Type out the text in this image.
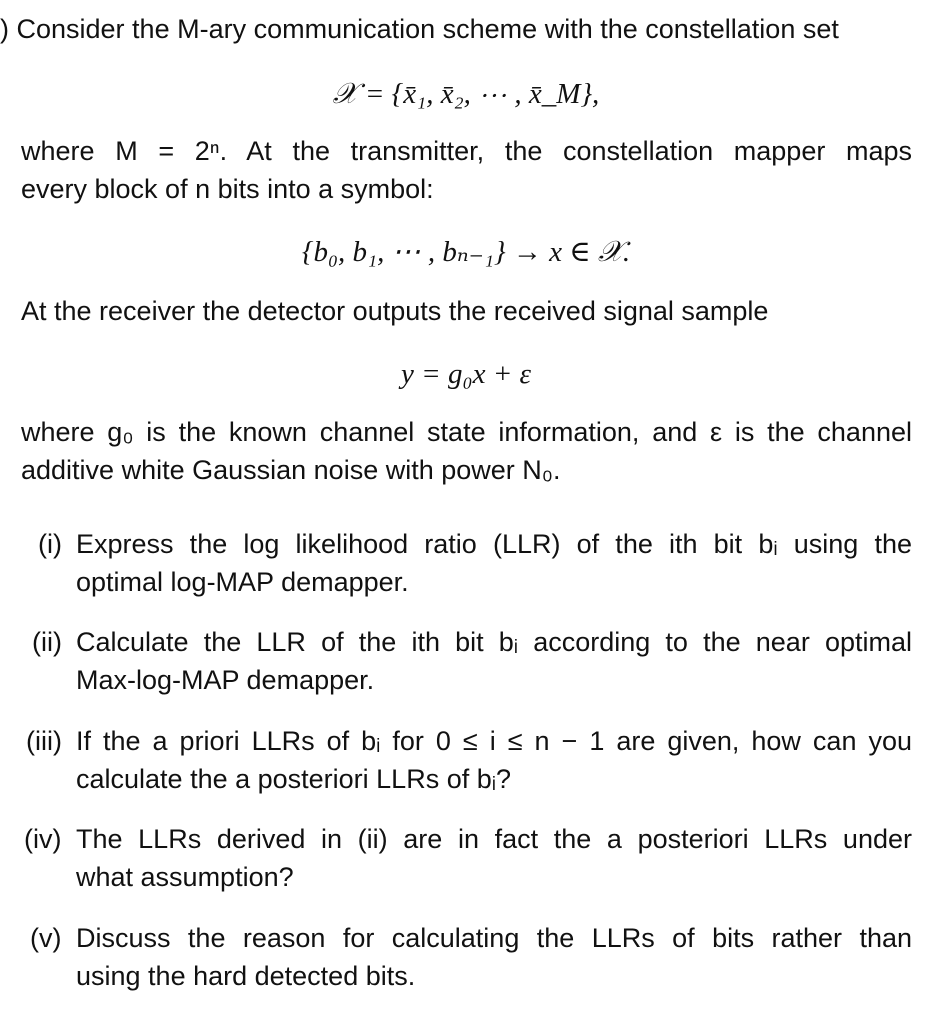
) Consider the M-ary communication scheme with the constellation set
𝒳 = {x̄₁, x̄₂, ⋯ , x̄_M},
where M = 2ⁿ. At the transmitter, the constellation mapper maps
every block of n bits into a symbol:
{b₀, b₁, ⋯ , bₙ₋₁} → x ∈ 𝒳.
At the receiver the detector outputs the received signal sample
y = g₀x + ε
where g₀ is the known channel state information, and ε is the channel
additive white Gaussian noise with power N₀.
(i) Express the log likelihood ratio (LLR) of the ith bit bᵢ using the
optimal log-MAP demapper.
(ii) Calculate the LLR of the ith bit bᵢ according to the near optimal
Max-log-MAP demapper.
(iii) If the a priori LLRs of bᵢ for 0 ≤ i ≤ n − 1 are given, how can you
calculate the a posteriori LLRs of bᵢ?
(iv) The LLRs derived in (ii) are in fact the a posteriori LLRs under
what assumption?
(v) Discuss the reason for calculating the LLRs of bits rather than
using the hard detected bits.
